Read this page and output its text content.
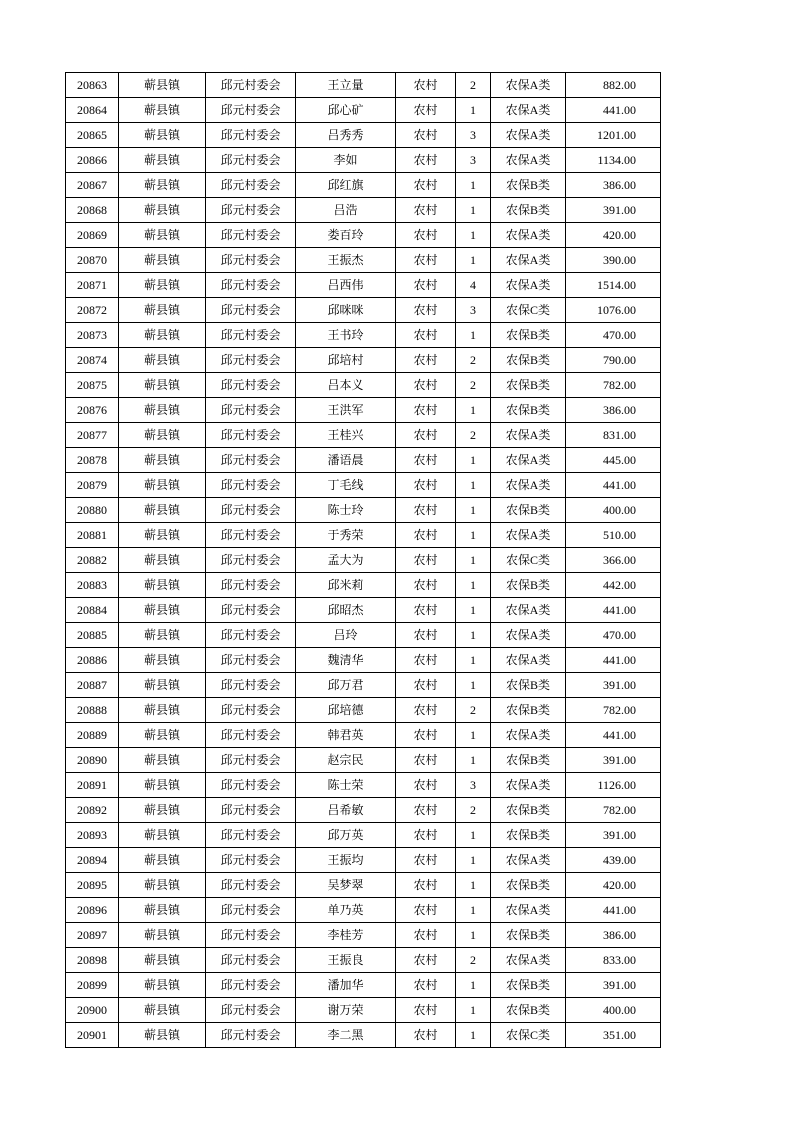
20863	蕲县镇	邱元村委会	王立量	农村	2	农保A类	882.00
20864	蕲县镇	邱元村委会	邱心矿	农村	1	农保A类	441.00
20865	蕲县镇	邱元村委会	吕秀秀	农村	3	农保A类	1201.00
20866	蕲县镇	邱元村委会	李如	农村	3	农保A类	1134.00
20867	蕲县镇	邱元村委会	邱红旗	农村	1	农保B类	386.00
20868	蕲县镇	邱元村委会	吕浩	农村	1	农保B类	391.00
20869	蕲县镇	邱元村委会	娄百玲	农村	1	农保A类	420.00
20870	蕲县镇	邱元村委会	王振杰	农村	1	农保A类	390.00
20871	蕲县镇	邱元村委会	吕西伟	农村	4	农保A类	1514.00
20872	蕲县镇	邱元村委会	邱咪咪	农村	3	农保C类	1076.00
20873	蕲县镇	邱元村委会	王书玲	农村	1	农保B类	470.00
20874	蕲县镇	邱元村委会	邱培村	农村	2	农保B类	790.00
20875	蕲县镇	邱元村委会	吕本义	农村	2	农保B类	782.00
20876	蕲县镇	邱元村委会	王洪军	农村	1	农保B类	386.00
20877	蕲县镇	邱元村委会	王桂兴	农村	2	农保A类	831.00
20878	蕲县镇	邱元村委会	潘语晨	农村	1	农保A类	445.00
20879	蕲县镇	邱元村委会	丁毛线	农村	1	农保A类	441.00
20880	蕲县镇	邱元村委会	陈士玲	农村	1	农保B类	400.00
20881	蕲县镇	邱元村委会	于秀荣	农村	1	农保A类	510.00
20882	蕲县镇	邱元村委会	孟大为	农村	1	农保C类	366.00
20883	蕲县镇	邱元村委会	邱米莉	农村	1	农保B类	442.00
20884	蕲县镇	邱元村委会	邱昭杰	农村	1	农保A类	441.00
20885	蕲县镇	邱元村委会	吕玲	农村	1	农保A类	470.00
20886	蕲县镇	邱元村委会	魏清华	农村	1	农保A类	441.00
20887	蕲县镇	邱元村委会	邱万君	农村	1	农保B类	391.00
20888	蕲县镇	邱元村委会	邱培德	农村	2	农保B类	782.00
20889	蕲县镇	邱元村委会	韩君英	农村	1	农保A类	441.00
20890	蕲县镇	邱元村委会	赵宗民	农村	1	农保B类	391.00
20891	蕲县镇	邱元村委会	陈士荣	农村	3	农保A类	1126.00
20892	蕲县镇	邱元村委会	吕希敏	农村	2	农保B类	782.00
20893	蕲县镇	邱元村委会	邱万英	农村	1	农保B类	391.00
20894	蕲县镇	邱元村委会	王振均	农村	1	农保A类	439.00
20895	蕲县镇	邱元村委会	吴梦翠	农村	1	农保B类	420.00
20896	蕲县镇	邱元村委会	单乃英	农村	1	农保A类	441.00
20897	蕲县镇	邱元村委会	李桂芳	农村	1	农保B类	386.00
20898	蕲县镇	邱元村委会	王振良	农村	2	农保A类	833.00
20899	蕲县镇	邱元村委会	潘加华	农村	1	农保B类	391.00
20900	蕲县镇	邱元村委会	谢万荣	农村	1	农保B类	400.00
20901	蕲县镇	邱元村委会	李二黑	农村	1	农保C类	351.00
